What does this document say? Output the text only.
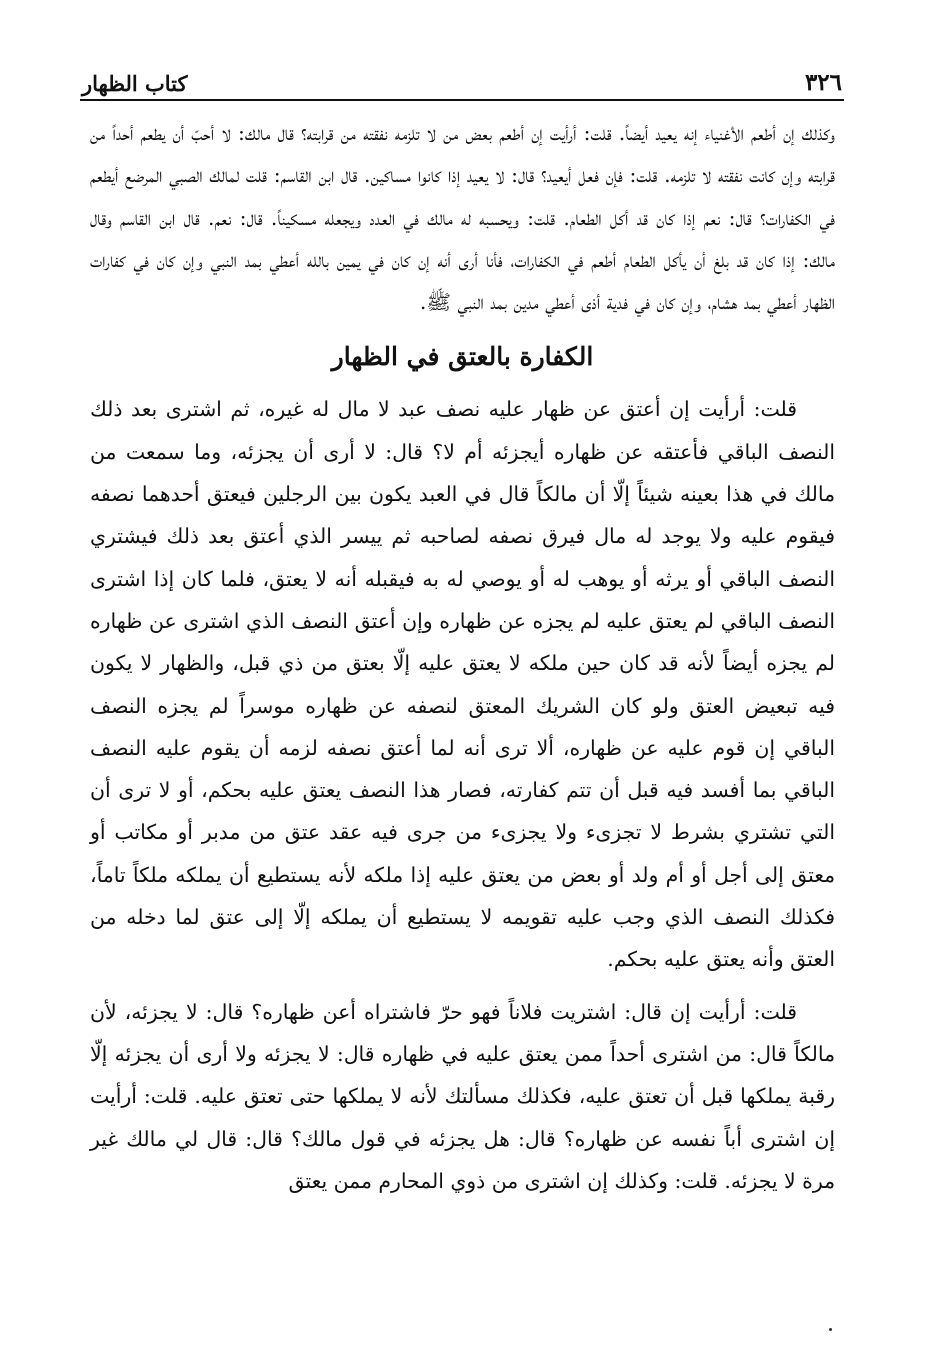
٣٢٦
كتاب الظهار

وكذلك إن أطعم الأغنياء إنه يعيد أيضاً. قلت: أرأيت إن أطعم بعض من لا تلزمه نفقته من قرابته؟ قال مالك: لا أحبّ أن يطعم أحداً من قرابته وإن كانت نفقته لا تلزمه. قلت: فإن فعل أيعيد؟ قال: لا يعيد إذا كانوا مساكين. قال ابن القاسم: قلت لمالك الصبي المرضع أيطعم في الكفارات؟ قال: نعم إذا كان قد أكل الطعام. قلت: ويحسبه له مالك في العدد ويجعله مسكيناً. قال: نعم. قال ابن القاسم وقال مالك: إذا كان قد بلغ أن يأكل الطعام أطعم في الكفارات، فأنا أرى أنه إن كان في يمين بالله أعطي بمد النبي وإن كان في كفارات الظهار أعطي بمد هشام، وإن كان في فدية أذى أعطي مدين بمد النبي ﷺ.

الكفارة بالعتق في الظهار

قلت: أرأيت إن أعتق عن ظهار عليه نصف عبد لا مال له غيره، ثم اشترى بعد ذلك النصف الباقي فأعتقه عن ظهاره أيجزئه أم لا؟ قال: لا أرى أن يجزئه، وما سمعت من مالك في هذا بعينه شيئاً إلّا أن مالكاً قال في العبد يكون بين الرجلين فيعتق أحدهما نصفه فيقوم عليه ولا يوجد له مال فيرق نصفه لصاحبه ثم ييسر الذي أعتق بعد ذلك فيشتري النصف الباقي أو يرثه أو يوهب له أو يوصي له به فيقبله أنه لا يعتق، فلما كان إذا اشترى النصف الباقي لم يعتق عليه لم يجزه عن ظهاره وإن أعتق النصف الذي اشترى عن ظهاره لم يجزه أيضاً لأنه قد كان حين ملكه لا يعتق عليه إلّا بعتق من ذي قبل، والظهار لا يكون فيه تبعيض العتق ولو كان الشريك المعتق لنصفه عن ظهاره موسراً لم يجزه النصف الباقي إن قوم عليه عن ظهاره، ألا ترى أنه لما أعتق نصفه لزمه أن يقوم عليه النصف الباقي بما أفسد فيه قبل أن تتم كفارته، فصار هذا النصف يعتق عليه بحكم، أو لا ترى أن التي تشتري بشرط لا تجزىء ولا يجزىء من جرى فيه عقد عتق من مدبر أو مكاتب أو معتق إلى أجل أو أم ولد أو بعض من يعتق عليه إذا ملكه لأنه يستطيع أن يملكه ملكاً تاماً، فكذلك النصف الذي وجب عليه تقويمه لا يستطيع أن يملكه إلّا إلى عتق لما دخله من العتق وأنه يعتق عليه بحكم.

قلت: أرأيت إن قال: اشتريت فلاناً فهو حرّ فاشتراه أعن ظهاره؟ قال: لا يجزئه، لأن مالكاً قال: من اشترى أحداً ممن يعتق عليه في ظهاره قال: لا يجزئه ولا أرى أن يجزئه إلّا رقبة يملكها قبل أن تعتق عليه، فكذلك مسألتك لأنه لا يملكها حتى تعتق عليه. قلت: أرأيت إن اشترى أباً نفسه عن ظهاره؟ قال: هل يجزئه في قول مالك؟ قال: قال لي مالك غير مرة لا يجزئه. قلت: وكذلك إن اشترى من ذوي المحارم ممن يعتق
